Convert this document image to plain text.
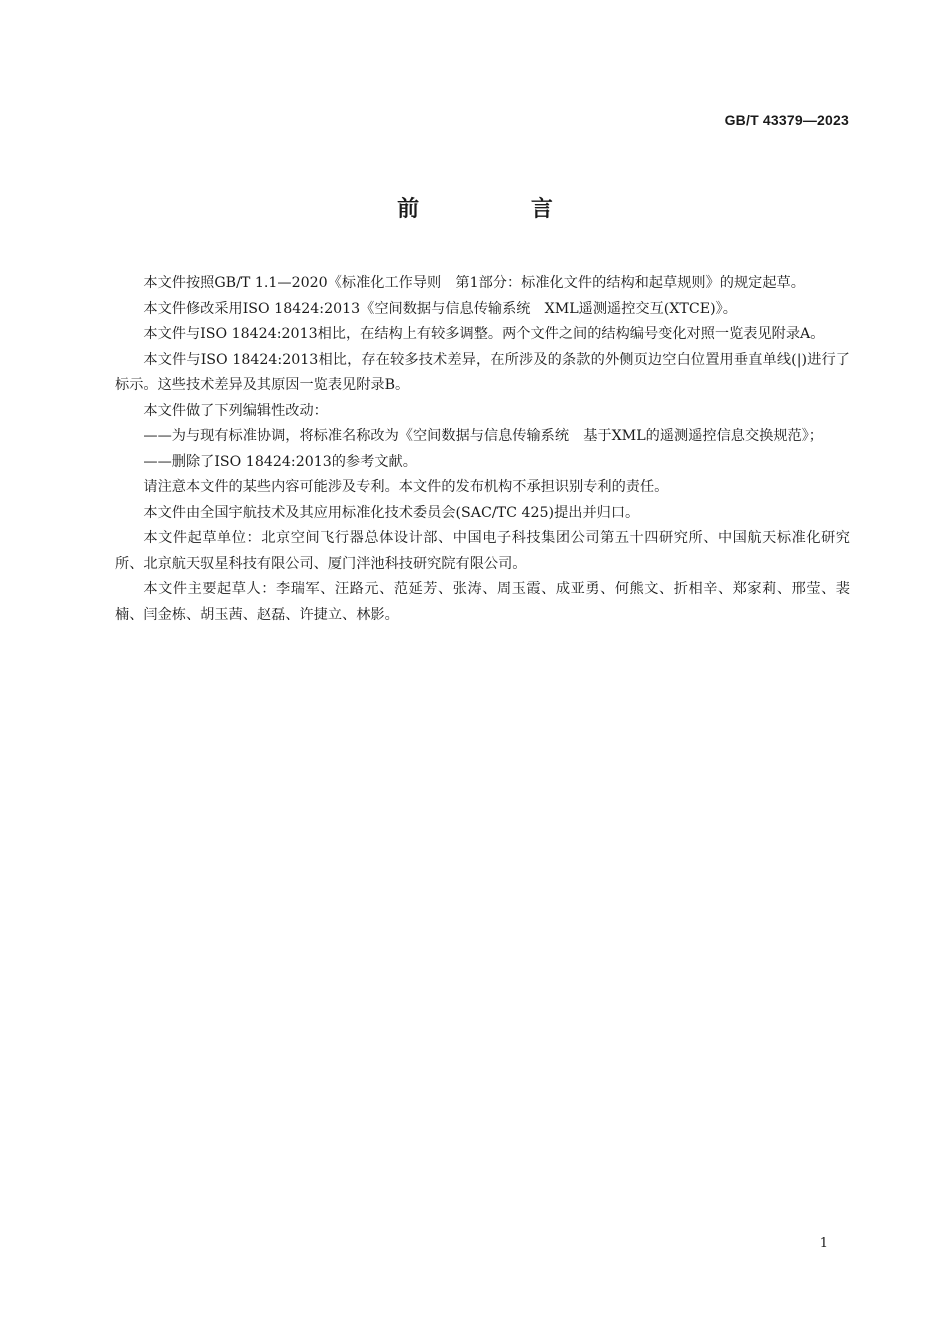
GB/T 43379—2023
前 言

本文件按照GB/T 1.1—2020《标准化工作导则　第1部分：标准化文件的结构和起草规则》的规定起草。

本文件修改采用ISO 18424:2013《空间数据与信息传输系统　XML遥测遥控交互(XTCE)》。

本文件与ISO 18424:2013相比，在结构上有较多调整。两个文件之间的结构编号变化对照一览表见附录A。

本文件与ISO 18424:2013相比，存在较多技术差异，在所涉及的条款的外侧页边空白位置用垂直单线(|)进行了标示。这些技术差异及其原因一览表见附录B。

本文件做了下列编辑性改动：

——为与现有标准协调，将标准名称改为《空间数据与信息传输系统　基于XML的遥测遥控信息交换规范》；

——删除了ISO 18424:2013的参考文献。

请注意本文件的某些内容可能涉及专利。本文件的发布机构不承担识别专利的责任。

本文件由全国宇航技术及其应用标准化技术委员会(SAC/TC 425)提出并归口。

本文件起草单位：北京空间飞行器总体设计部、中国电子科技集团公司第五十四研究所、中国航天标准化研究所、北京航天驭星科技有限公司、厦门泮池科技研究院有限公司。

本文件主要起草人：李瑞军、汪路元、范延芳、张涛、周玉霞、成亚勇、何熊文、折相辛、郑家莉、邢莹、裴楠、闫金栋、胡玉茜、赵磊、许捷立、林影。

1
